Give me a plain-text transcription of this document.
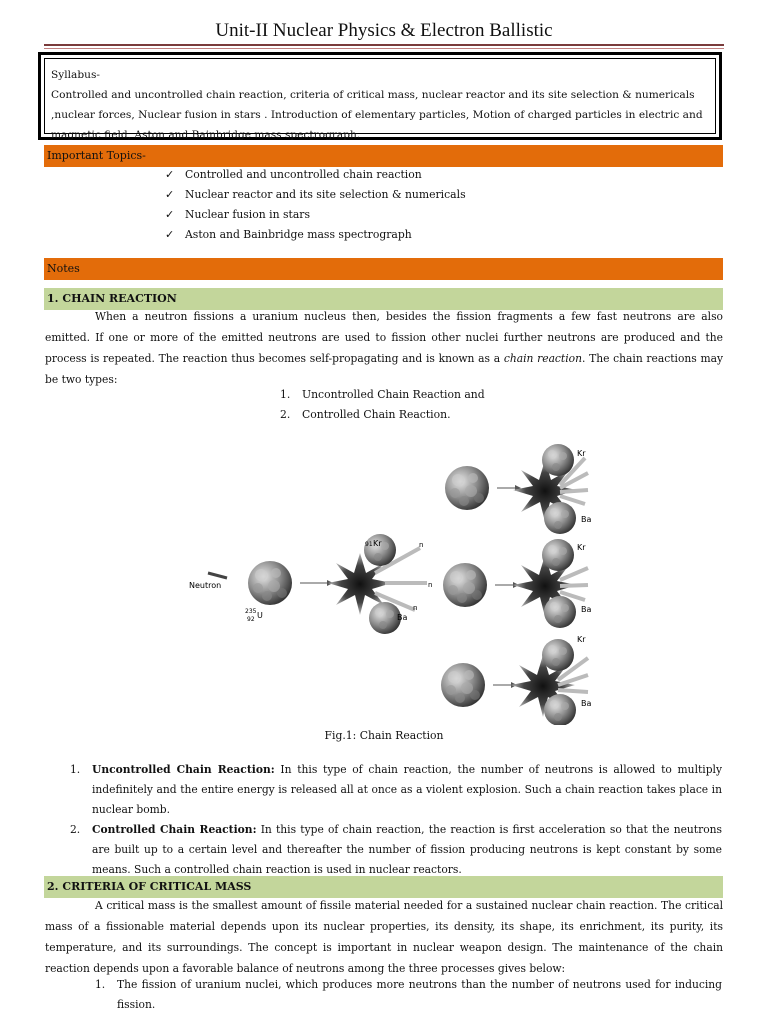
Unit-II Nuclear Physics & Electron Ballistic
Syllabus-
Controlled and uncontrolled chain reaction, criteria of critical mass, nuclear reactor and its site selection & numericals ,nuclear forces, Nuclear fusion in stars . Introduction of elementary particles, Motion of charged particles in electric and magnetic field, Aston and Bainbridge mass spectrograph.
Important Topics-
✓ Controlled and uncontrolled chain reaction
✓ Nuclear reactor and its site selection & numericals
✓ Nuclear fusion in stars
✓ Aston and Bainbridge mass spectrograph
Notes
1. CHAIN REACTION
When a neutron fissions a uranium nucleus then, besides the fission fragments a few fast neutrons are also emitted. If one or more of the emitted neutrons are used to fission other nuclei further neutrons are produced and the process is repeated. The reaction thus becomes self-propagating and is known as a chain reaction. The chain reactions may be two types:
1. Uncontrolled Chain Reaction and
2. Controlled Chain Reaction.
Neutron
235 U
92
91 Kr	n
n
n
Ba
Kr
Ba
Kr
Ba
Kr
Ba
Fig.1: Chain Reaction
1. Uncontrolled Chain Reaction: In this type of chain reaction, the number of neutrons is allowed to multiply indefinitely and the entire energy is released all at once as a violent explosion. Such a chain reaction takes place in nuclear bomb.
2. Controlled Chain Reaction: In this type of chain reaction, the reaction is first acceleration so that the neutrons are built up to a certain level and thereafter the number of fission producing neutrons is kept constant by some means. Such a controlled chain reaction is used in nuclear reactors.
2. CRITERIA OF CRITICAL MASS
A critical mass is the smallest amount of fissile material needed for a sustained nuclear chain reaction. The critical mass of a fissionable material depends upon its nuclear properties, its density, its shape, its enrichment, its purity, its temperature, and its surroundings. The concept is important in nuclear weapon design. The maintenance of the chain reaction depends upon a favorable balance of neutrons among the three processes gives below:
1. The fission of uranium nuclei, which produces more neutrons than the number of neutrons used for inducing fission.
